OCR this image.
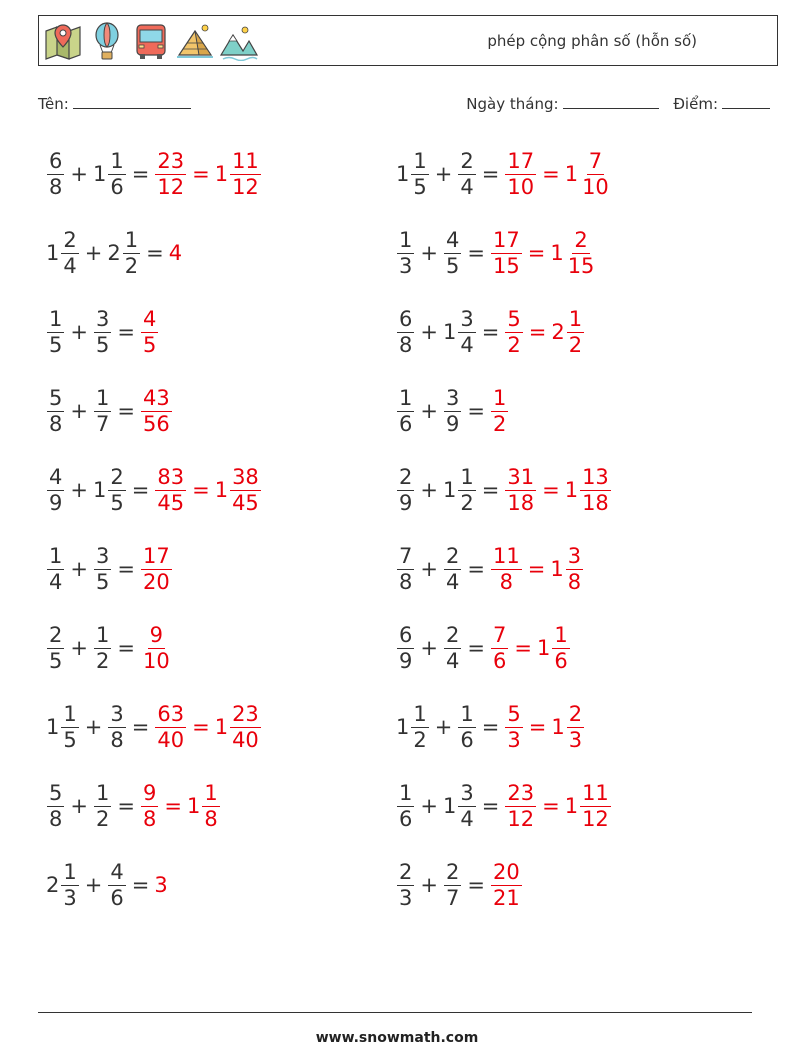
phép cộng phân số (hỗn số)
Tên:	Ngày tháng:	Điểm:
$\frac{6}{8} + 1 \frac{1}{6} = \frac{23}{12} = 1 \frac{11}{12}$	$1 \frac{1}{5} + \frac{2}{4} = \frac{17}{10} = 1 \frac{7}{10}$
$1 \frac{2}{4} + 2 \frac{1}{2} = 4$	$\frac{1}{3} + \frac{4}{5} = \frac{17}{15} = 1 \frac{2}{15}$
$\frac{1}{5} + \frac{3}{5} = \frac{4}{5}$	$\frac{6}{8} + 1 \frac{3}{4} = \frac{5}{2} = 2 \frac{1}{2}$
$\frac{5}{8} + \frac{1}{7} = \frac{43}{56}$	$\frac{1}{6} + \frac{3}{9} = \frac{1}{2}$
$\frac{4}{9} + 1 \frac{2}{5} = \frac{83}{45} = 1 \frac{38}{45}$	$\frac{2}{9} + 1 \frac{1}{2} = \frac{31}{18} = 1 \frac{13}{18}$
$\frac{1}{4} + \frac{3}{5} = \frac{17}{20}$	$\frac{7}{8} + \frac{2}{4} = \frac{11}{8} = 1 \frac{3}{8}$
$\frac{2}{5} + \frac{1}{2} = \frac{9}{10}$	$\frac{6}{9} + \frac{2}{4} = \frac{7}{6} = 1 \frac{1}{6}$
$1 \frac{1}{5} + \frac{3}{8} = \frac{63}{40} = 1 \frac{23}{40}$	$1 \frac{1}{2} + \frac{1}{6} = \frac{5}{3} = 1 \frac{2}{3}$
$\frac{5}{8} + \frac{1}{2} = \frac{9}{8} = 1 \frac{1}{8}$	$\frac{1}{6} + 1 \frac{3}{4} = \frac{23}{12} = 1 \frac{11}{12}$
$2 \frac{1}{3} + \frac{4}{6} = 3$	$\frac{2}{3} + \frac{2}{7} = \frac{20}{21}$
www.snowmath.com
